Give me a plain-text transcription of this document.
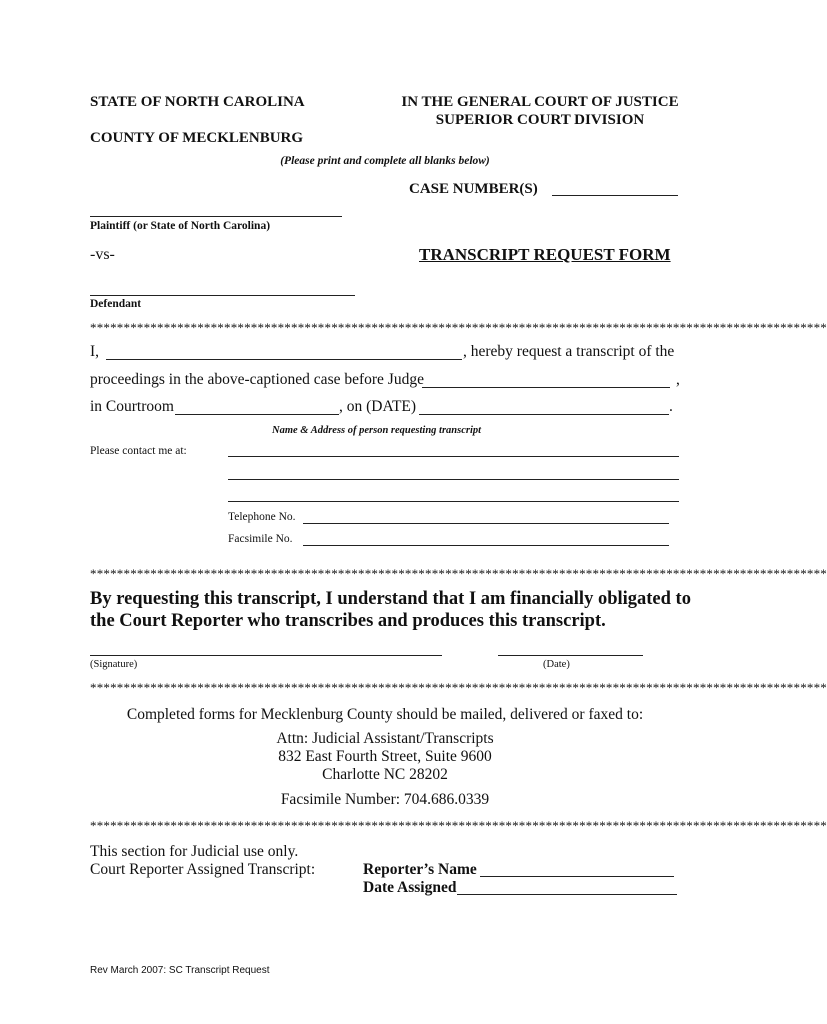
STATE OF NORTH CAROLINA
COUNTY OF MECKLENBURG
IN THE GENERAL COURT OF JUSTICE
SUPERIOR COURT DIVISION
(Please print and complete all blanks below)
CASE NUMBER(S)
Plaintiff (or State of North Carolina)
-vs-	TRANSCRIPT REQUEST FORM
Defendant
**************************************************************************************************************
I,	, hereby request a transcript of the
proceedings in the above-captioned case before Judge	,
in Courtroom	, on (DATE)	.
Name & Address of person requesting transcript
Please contact me at:
Telephone No.
Facsimile No.
**************************************************************************************************************
By requesting this transcript, I understand that I am financially obligated to
the Court Reporter who transcribes and produces this transcript.
(Signature)	(Date)
**************************************************************************************************************
Completed forms for Mecklenburg County should be mailed, delivered or faxed to:
Attn: Judicial Assistant/Transcripts
832 East Fourth Street, Suite 9600
Charlotte NC 28202
Facsimile Number: 704.686.0339
**************************************************************************************************************
This section for Judicial use only.
Court Reporter Assigned Transcript:	Reporter’s Name
Date Assigned
Rev March 2007: SC Transcript Request
